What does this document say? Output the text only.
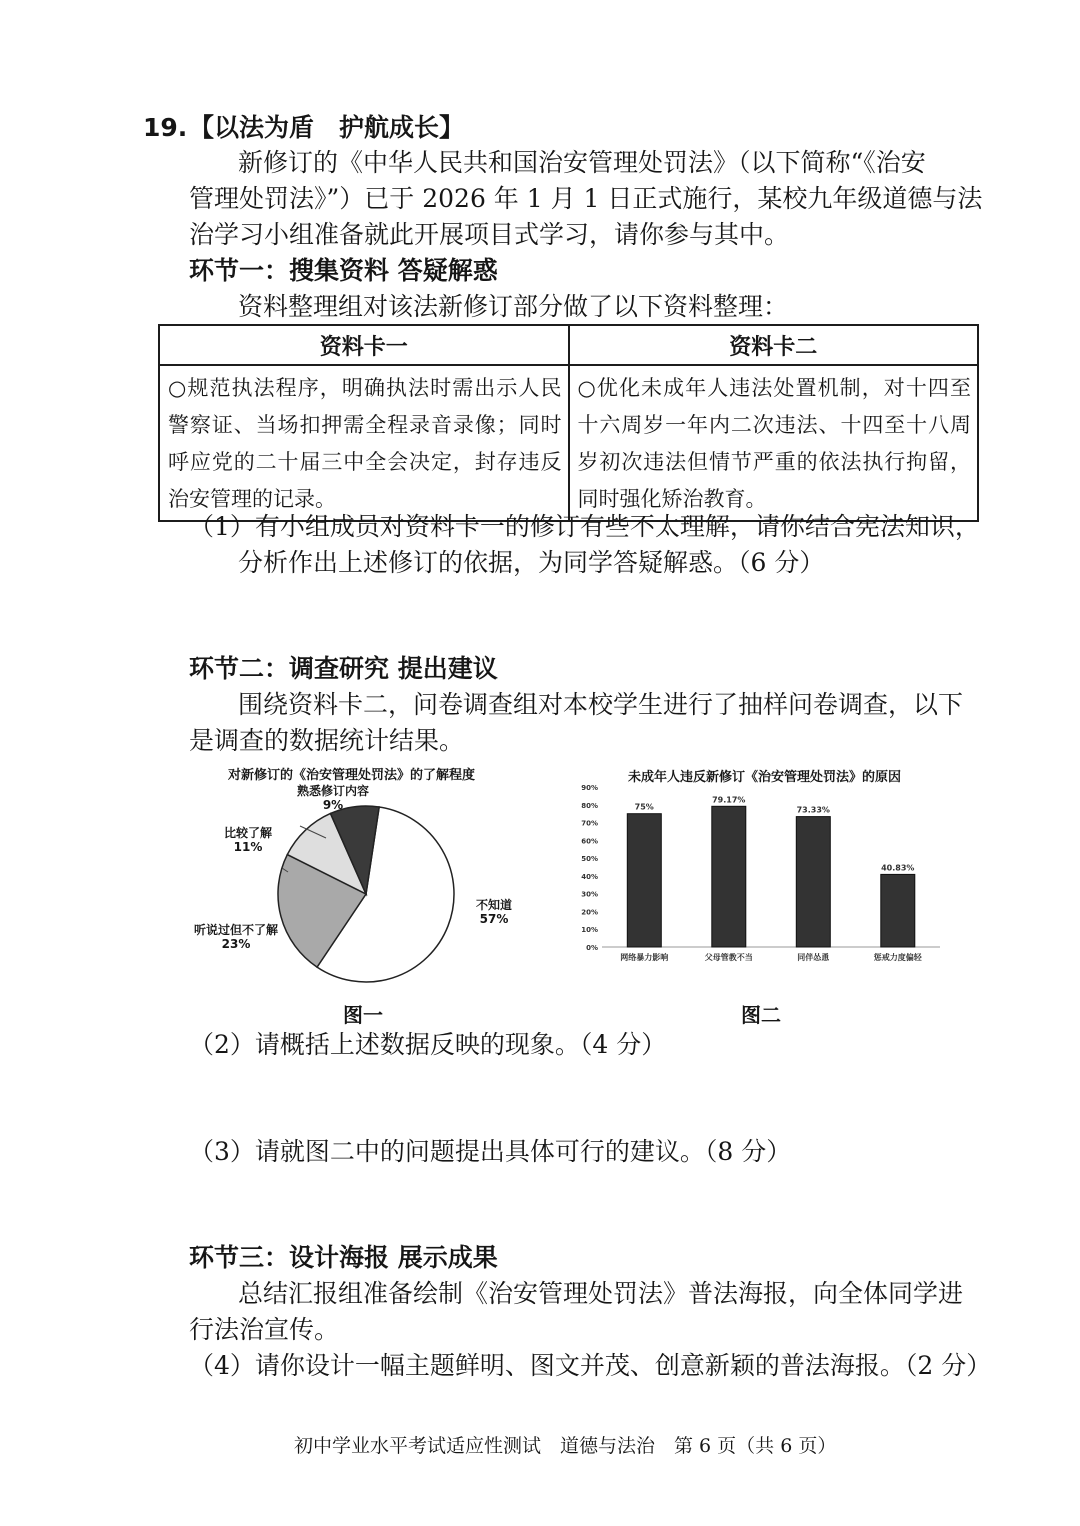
19. 【以法为盾　护航成长】
新修订的《中华人民共和国治安管理处罚法》（以下简称“《治安
管理处罚法》”）已于 2026 年 1 月 1 日正式施行，某校九年级道德与法
治学习小组准备就此开展项目式学习，请你参与其中。
环节一：搜集资料 答疑解惑
资料整理组对该法新修订部分做了以下资料整理：
资料卡一	资料卡二
○规范执法程序，明确执法时需出示人民警察证、当场扣押需全程录音录像；同时呼应党的二十届三中全会决定，封存违反治安管理的记录。	○优化未成年人违法处置机制，对十四至十六周岁一年内二次违法、十四至十八周岁初次违法但情节严重的依法执行拘留，同时强化矫治教育。
（1）有小组成员对资料卡一的修订有些不太理解，请你结合宪法知识，
分析作出上述修订的依据，为同学答疑解惑。（6 分）
环节二：调查研究 提出建议
围绕资料卡二，问卷调查组对本校学生进行了抽样问卷调查，以下
是调查的数据统计结果。
对新修订的《治安管理处罚法》的了解程度
不知道
57%
听说过但不了解
23%
比较了解
11%
熟悉修订内容
9%
未成年人违反新修订《治安管理处罚法》的原因
0%
10%
20%
30%
40%
50%
60%
70%
80%
90%
75%
网络暴力影响
79.17%
父母管教不当
73.33%
同伴怂恿
40.83%
惩戒力度偏轻
图一	图二
（2）请概括上述数据反映的现象。（4 分）
（3）请就图二中的问题提出具体可行的建议。（8 分）
环节三：设计海报 展示成果
总结汇报组准备绘制《治安管理处罚法》普法海报，向全体同学进
行法治宣传。
（4）请你设计一幅主题鲜明、图文并茂、创意新颖的普法海报。（2 分）
初中学业水平考试适应性测试　道德与法治　第 6 页（共 6 页）
